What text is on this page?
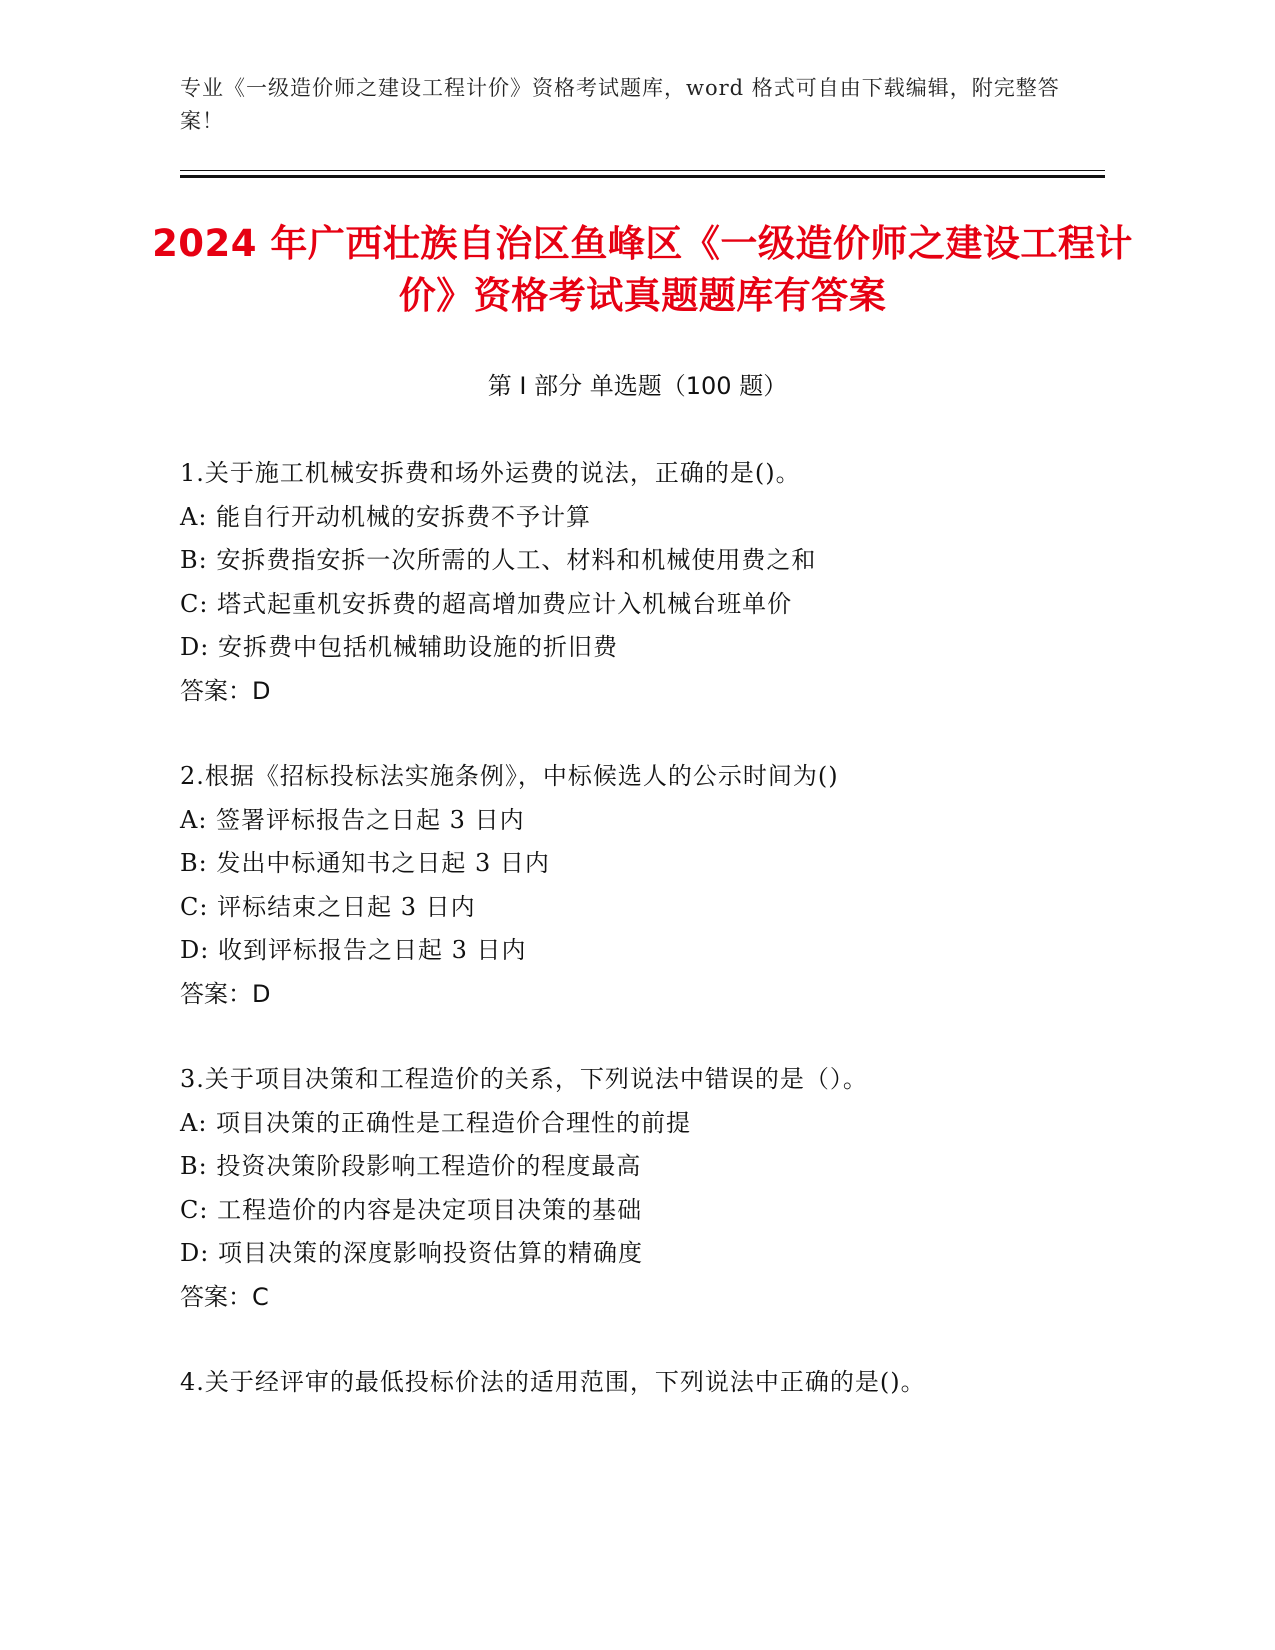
专业《一级造价师之建设工程计价》资格考试题库，word 格式可自由下载编辑，附完整答案！
2024 年广西壮族自治区鱼峰区《一级造价师之建设工程计价》资格考试真题题库有答案
第 I 部分 单选题（100 题）
1.关于施工机械安拆费和场外运费的说法，正确的是()。
A: 能自行开动机械的安拆费不予计算
B: 安拆费指安拆一次所需的人工、材料和机械使用费之和
C: 塔式起重机安拆费的超高增加费应计入机械台班单价
D: 安拆费中包括机械辅助设施的折旧费
答案：D
2.根据《招标投标法实施条例》，中标候选人的公示时间为()
A: 签署评标报告之日起 3 日内
B: 发出中标通知书之日起 3 日内
C: 评标结束之日起 3 日内
D: 收到评标报告之日起 3 日内
答案：D
3.关于项目决策和工程造价的关系，下列说法中错误的是（）。
A: 项目决策的正确性是工程造价合理性的前提
B: 投资决策阶段影响工程造价的程度最高
C: 工程造价的内容是决定项目决策的基础
D: 项目决策的深度影响投资估算的精确度
答案：C
4.关于经评审的最低投标价法的适用范围，下列说法中正确的是()。
